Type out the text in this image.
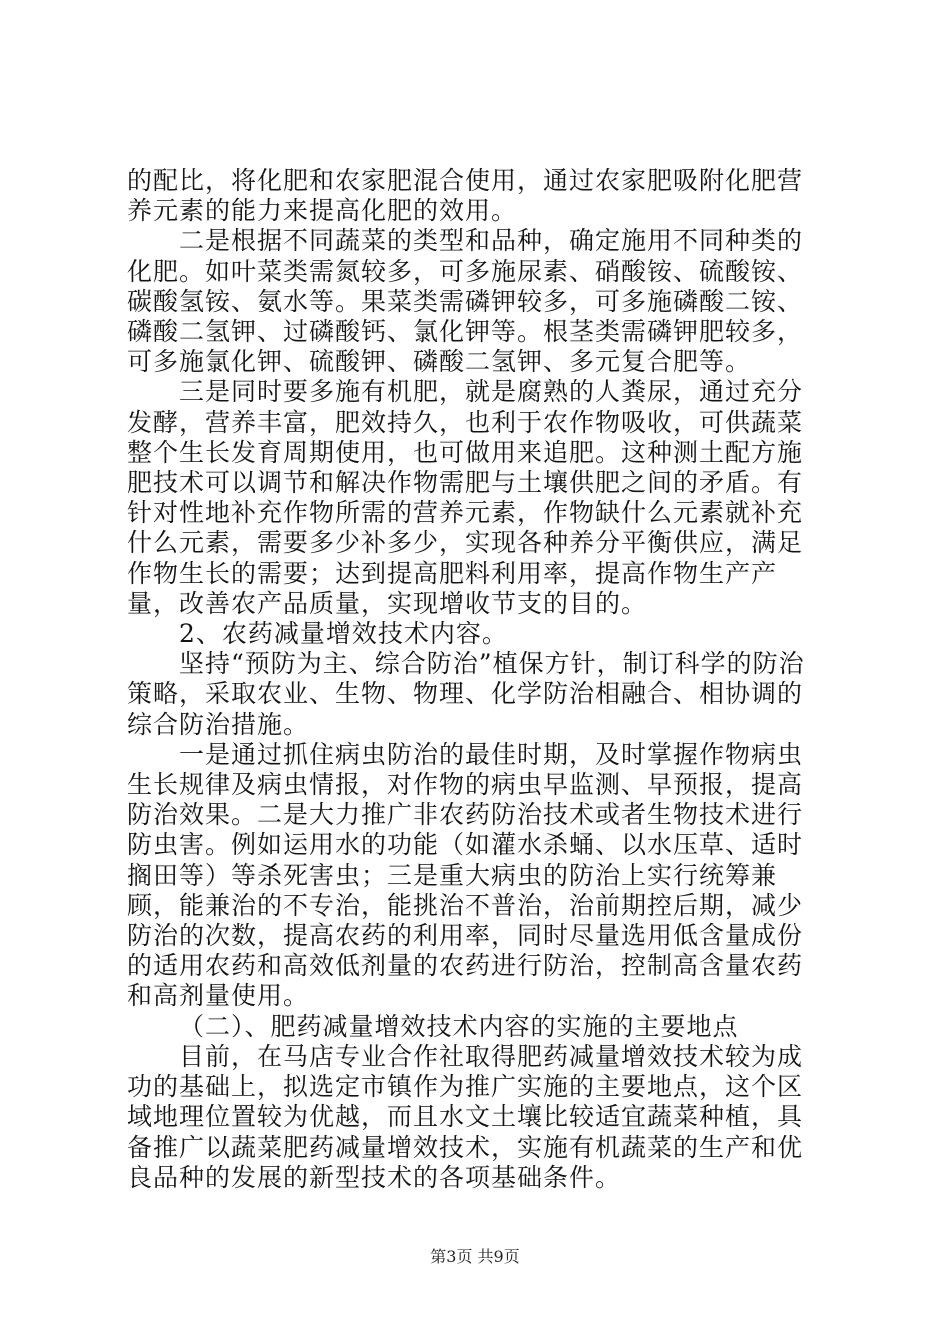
的配比，将化肥和农家肥混合使用，通过农家肥吸附化肥营养元素的能力来提高化肥的效用。

二是根据不同蔬菜的类型和品种，确定施用不同种类的化肥。如叶菜类需氮较多，可多施尿素、硝酸铵、硫酸铵、碳酸氢铵、氨水等。果菜类需磷钾较多，可多施磷酸二铵、磷酸二氢钾、过磷酸钙、氯化钾等。根茎类需磷钾肥较多，可多施氯化钾、硫酸钾、磷酸二氢钾、多元复合肥等。

三是同时要多施有机肥，就是腐熟的人粪尿，通过充分发酵，营养丰富，肥效持久，也利于农作物吸收，可供蔬菜整个生长发育周期使用，也可做用来追肥。这种测土配方施肥技术可以调节和解决作物需肥与土壤供肥之间的矛盾。有针对性地补充作物所需的营养元素，作物缺什么元素就补充什么元素，需要多少补多少，实现各种养分平衡供应，满足作物生长的需要；达到提高肥料利用率，提高作物生产产量，改善农产品质量，实现增收节支的目的。

2、农药减量增效技术内容。

坚持“预防为主、综合防治”植保方针，制订科学的防治策略，采取农业、生物、物理、化学防治相融合、相协调的综合防治措施。

一是通过抓住病虫防治的最佳时期，及时掌握作物病虫生长规律及病虫情报，对作物的病虫早监测、早预报，提高防治效果。二是大力推广非农药防治技术或者生物技术进行防虫害。例如运用水的功能（如灌水杀蛹、以水压草、适时搁田等）等杀死害虫；三是重大病虫的防治上实行统筹兼顾，能兼治的不专治，能挑治不普治，治前期控后期，减少防治的次数，提高农药的利用率，同时尽量选用低含量成份的适用农药和高效低剂量的农药进行防治，控制高含量农药和高剂量使用。

（二）、肥药减量增效技术内容的实施的主要地点

目前，在马店专业合作社取得肥药减量增效技术较为成功的基础上，拟选定市镇作为推广实施的主要地点，这个区域地理位置较为优越，而且水文土壤比较适宜蔬菜种植，具备推广以蔬菜肥药减量增效技术，实施有机蔬菜的生产和优良品种的发展的新型技术的各项基础条件。

第3页 共9页
